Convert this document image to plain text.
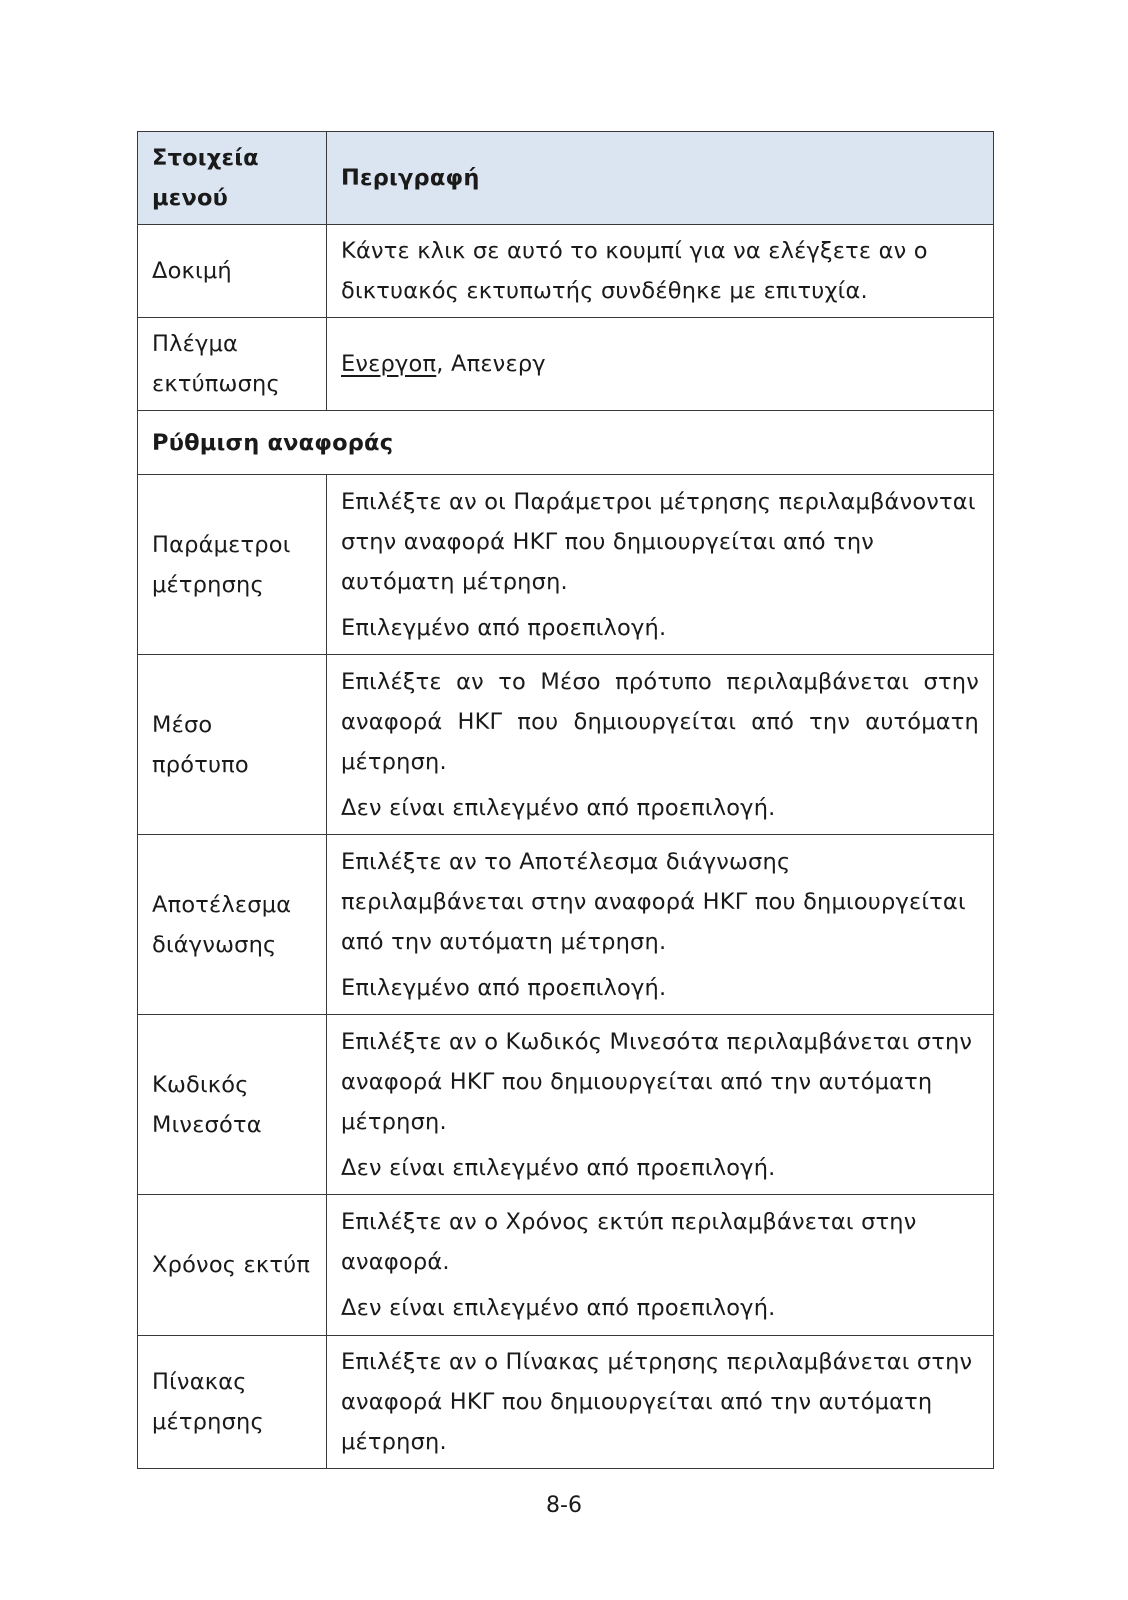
Στοιχεία μενού	Περιγραφή
Δοκιμή	Κάντε κλικ σε αυτό το κουμπί για να ελέγξετε αν ο δικτυακός εκτυπωτής συνδέθηκε με επιτυχία.
Πλέγμα εκτύπωσης	Ενεργοπ, Απενεργ
Ρύθμιση αναφοράς	
Παράμετροι μέτρησης	Επιλέξτε αν οι Παράμετροι μέτρησης περιλαμβάνονται στην αναφορά ΗΚΓ που δημιουργείται από την αυτόματη μέτρηση.
Επιλεγμένο από προεπιλογή.

Μέσο πρότυπο	Επιλέξτε αν το Μέσο πρότυπο περιλαμβάνεται στην αναφορά ΗΚΓ που δημιουργείται από την αυτόματη μέτρηση.
Δεν είναι επιλεγμένο από προεπιλογή.

Αποτέλεσμα διάγνωσης	Επιλέξτε αν το Αποτέλεσμα διάγνωσης περιλαμβάνεται στην αναφορά ΗΚΓ που δημιουργείται από την αυτόματη μέτρηση.
Επιλεγμένο από προεπιλογή.

Κωδικός Μινεσότα	Επιλέξτε αν ο Κωδικός Μινεσότα περιλαμβάνεται στην αναφορά ΗΚΓ που δημιουργείται από την αυτόματη μέτρηση.
Δεν είναι επιλεγμένο από προεπιλογή.

Χρόνος εκτύπ	Επιλέξτε αν ο Χρόνος εκτύπ περιλαμβάνεται στην αναφορά.
Δεν είναι επιλεγμένο από προεπιλογή.

Πίνακας μέτρησης	Επιλέξτε αν ο Πίνακας μέτρησης περιλαμβάνεται στην αναφορά ΗΚΓ που δημιουργείται από την αυτόματη μέτρηση.
8-6
